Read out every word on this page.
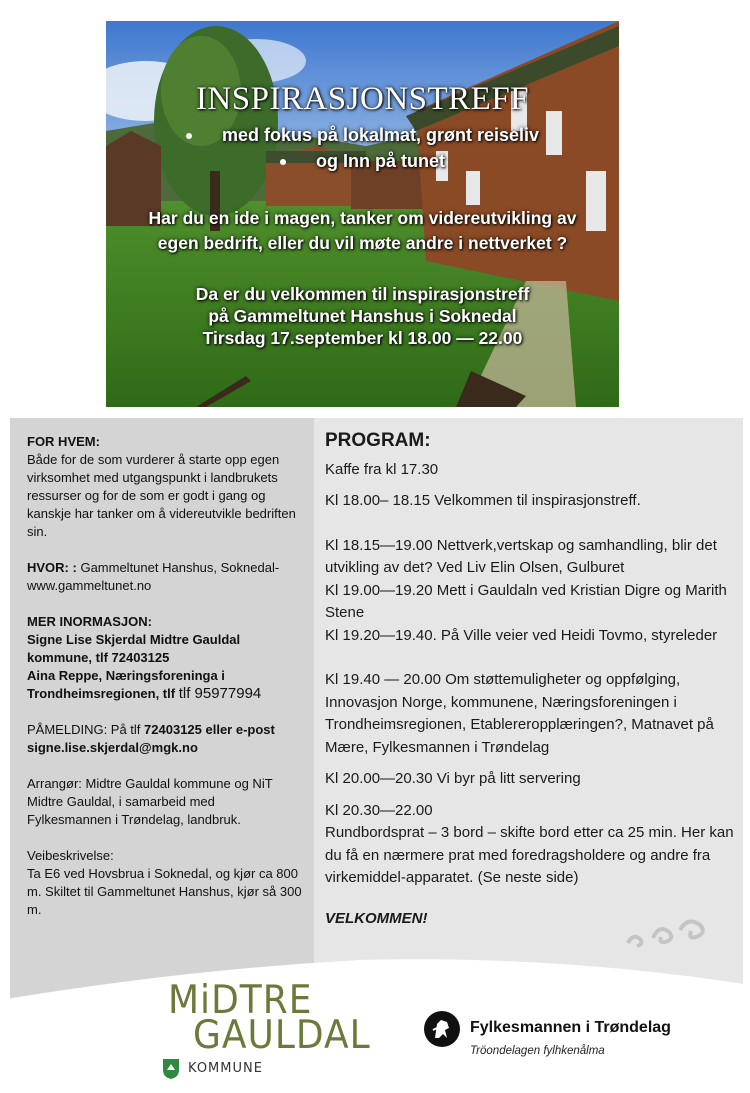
INSPIRASJONSTREFF
med fokus på lokalmat, grønt reiseliv
og Inn på tunet
Har du en ide i magen, tanker om videreutvikling av
egen bedrift, eller du vil møte andre i nettverket ?
Da er du velkommen til inspirasjonstreff
på Gammeltunet Hanshus i Soknedal
Tirsdag 17.september kl 18.00 — 22.00

FOR HVEM:

Både for de som vurderer å starte opp egen virksomhet med utgangspunkt i landbrukets ressurser og for de som er godt i gang og kanskje har tanker om å videreutvikle bedriften sin.

HVOR: : Gammeltunet Hanshus, Soknedal-

www.gammeltunet.no

MER INORMASJON:

Signe Lise Skjerdal Midtre Gauldal kommune, tlf 72403125

Aina Reppe, Næringsforeninga i Trondheimsregionen, tlf tlf 95977994

PÅMELDING: På tlf 72403125 eller e-post

signe.lise.skjerdal@mgk.no

Arrangør: Midtre Gauldal kommune og NiT Midtre Gauldal, i samarbeid med Fylkesmannen i Trøndelag, landbruk.

Veibeskrivelse:

Ta E6 ved Hovsbrua i Soknedal, og kjør ca 800 m. Skiltet til Gammeltunet Hanshus, kjør så 300 m.

PROGRAM:

Kaffe fra kl 17.30

Kl 18.00– 18.15 Velkommen til inspirasjonstreff.

Kl 18.15—19.00 Nettverk,vertskap og samhandling, blir det utvikling av det? Ved Liv Elin Olsen, Gulburet

Kl 19.00—19.20 Mett i Gauldaln ved Kristian Digre og Marith Stene

Kl 19.20—19.40. På Ville veier ved Heidi Tovmo, styreleder

Kl 19.40 — 20.00 Om støttemuligheter og oppfølging, Innovasjon Norge, kommunene, Næringsforeningen i Trondheimsregionen, Etablereropplæringen?, Matnavet på Mære, Fylkesmannen i Trøndelag

Kl 20.00—20.30 Vi byr på litt servering

Kl 20.30—22.00

Rundbordsprat – 3 bord – skifte bord etter ca 25 min. Her kan du få en nærmere prat med foredragsholdere og andre fra virkemiddel-apparatet. (Se neste side)

VELKOMMEN!

MiDTRE
GAULDAL
KOMMUNE
Fylkesmannen i Trøndelag
Tröondelagen fylhkenålma
